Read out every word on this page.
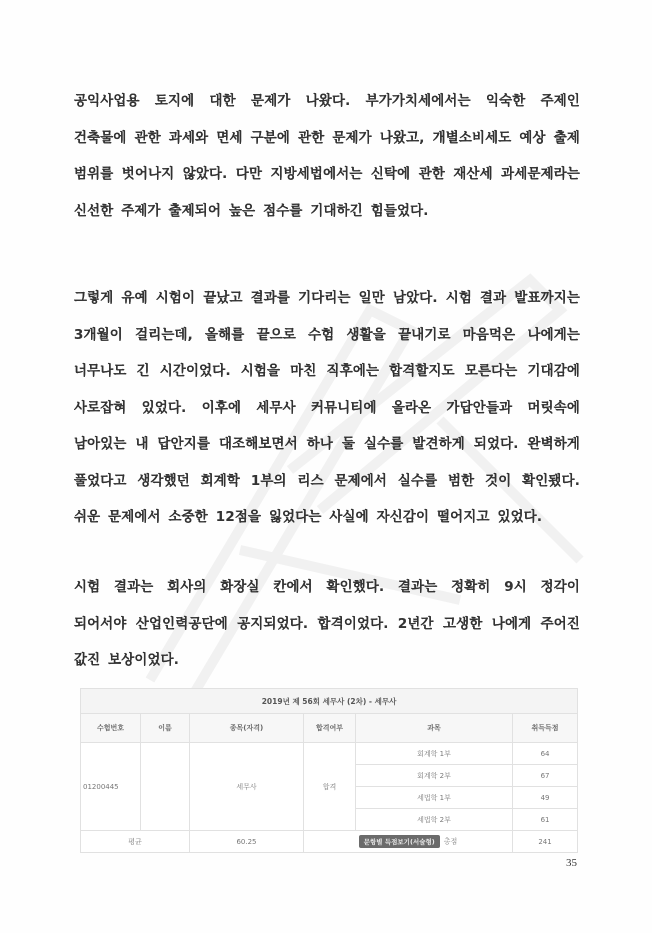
공익사업용 토지에 대한 문제가 나왔다. 부가가치세에서는 익숙한 주제인
건축물에 관한 과세와 면세 구분에 관한 문제가 나왔고, 개별소비세도 예상 출제
범위를 벗어나지 않았다. 다만 지방세법에서는 신탁에 관한 재산세 과세문제라는
신선한 주제가 출제되어 높은 점수를 기대하긴 힘들었다.
그렇게 유예 시험이 끝났고 결과를 기다리는 일만 남았다. 시험 결과 발표까지는
3개월이 걸리는데, 올해를 끝으로 수험 생활을 끝내기로 마음먹은 나에게는
너무나도 긴 시간이었다. 시험을 마친 직후에는 합격할지도 모른다는 기대감에
사로잡혀 있었다. 이후에 세무사 커뮤니티에 올라온 가답안들과 머릿속에
남아있는 내 답안지를 대조해보면서 하나 둘 실수를 발견하게 되었다. 완벽하게
풀었다고 생각했던 회계학 1부의 리스 문제에서 실수를 범한 것이 확인됐다.
쉬운 문제에서 소중한 12점을 잃었다는 사실에 자신감이 떨어지고 있었다.
시험 결과는 회사의 화장실 칸에서 확인했다. 결과는 정확히 9시 정각이
되어서야 산업인력공단에 공지되었다. 합격이었다. 2년간 고생한 나에게 주어진
값진 보상이었다.
2019년 제 56회 세무사 (2차) - 세무사					
수험번호	이름	종목(자격)	합격여부	과목	취득득점
01200445		세무사	합격	회계학 1부	64
				회계학 2부	67
				세법학 1부	49
				세법학 2부	61
평균		60.25	문항별 득점보기(서술형) 총점		241
35
